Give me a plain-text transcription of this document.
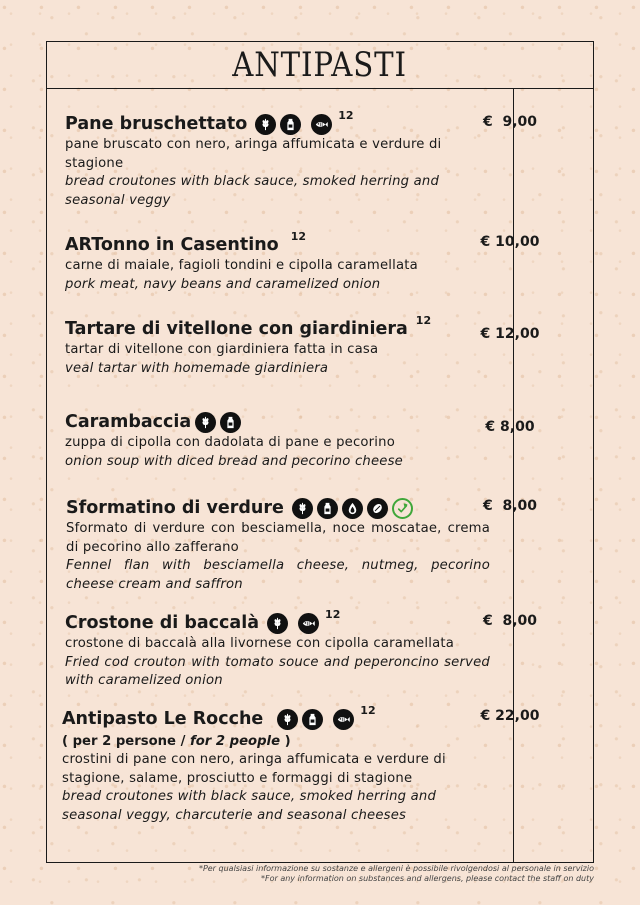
ANTIPASTI
Pane bruschettato	12

pane bruscato con nero, aringa affumicata e verdure di stagione

bread croutones with black sauce, smoked herring and seasonal veggy

€  9,00
ARTonno in Casentino 12

carne di maiale, fagioli tondini e cipolla caramellata

pork meat, navy beans and caramelized onion

€ 10,00
Tartare di vitellone con giardiniera 12

tartar di vitellone con giardiniera fatta in casa

veal tartar with homemade giardiniera

€ 12,00
Carambaccia

zuppa di cipolla con dadolata di pane e pecorino

onion soup with diced bread and pecorino cheese

€ 8,00
Sformatino di verdure

Sformato di verdure con besciamella, noce moscatae, crema di pecorino allo zafferano

Fennel flan with besciamella cheese, nutmeg, pecorino cheese cream and saffron

€  8,00
Crostone di baccalà	12

crostone di baccalà alla livornese con cipolla caramellata

Fried cod crouton with tomato souce and peperoncino served with caramelized onion

€  8,00
Antipasto Le Rocche	12

( per 2 persone / for 2 people )

crostini di pane con nero, aringa affumicata e verdure di stagione, salame, prosciutto e formaggi di stagione

bread croutones with black sauce, smoked herring and seasonal veggy, charcuterie and seasonal cheeses

€ 22,00
*Per qualsiasi informazione su sostanze e allergeni è possibile rivolgendosi al personale in servizio
*For any information on substances and allergens, please contact the staff on duty
